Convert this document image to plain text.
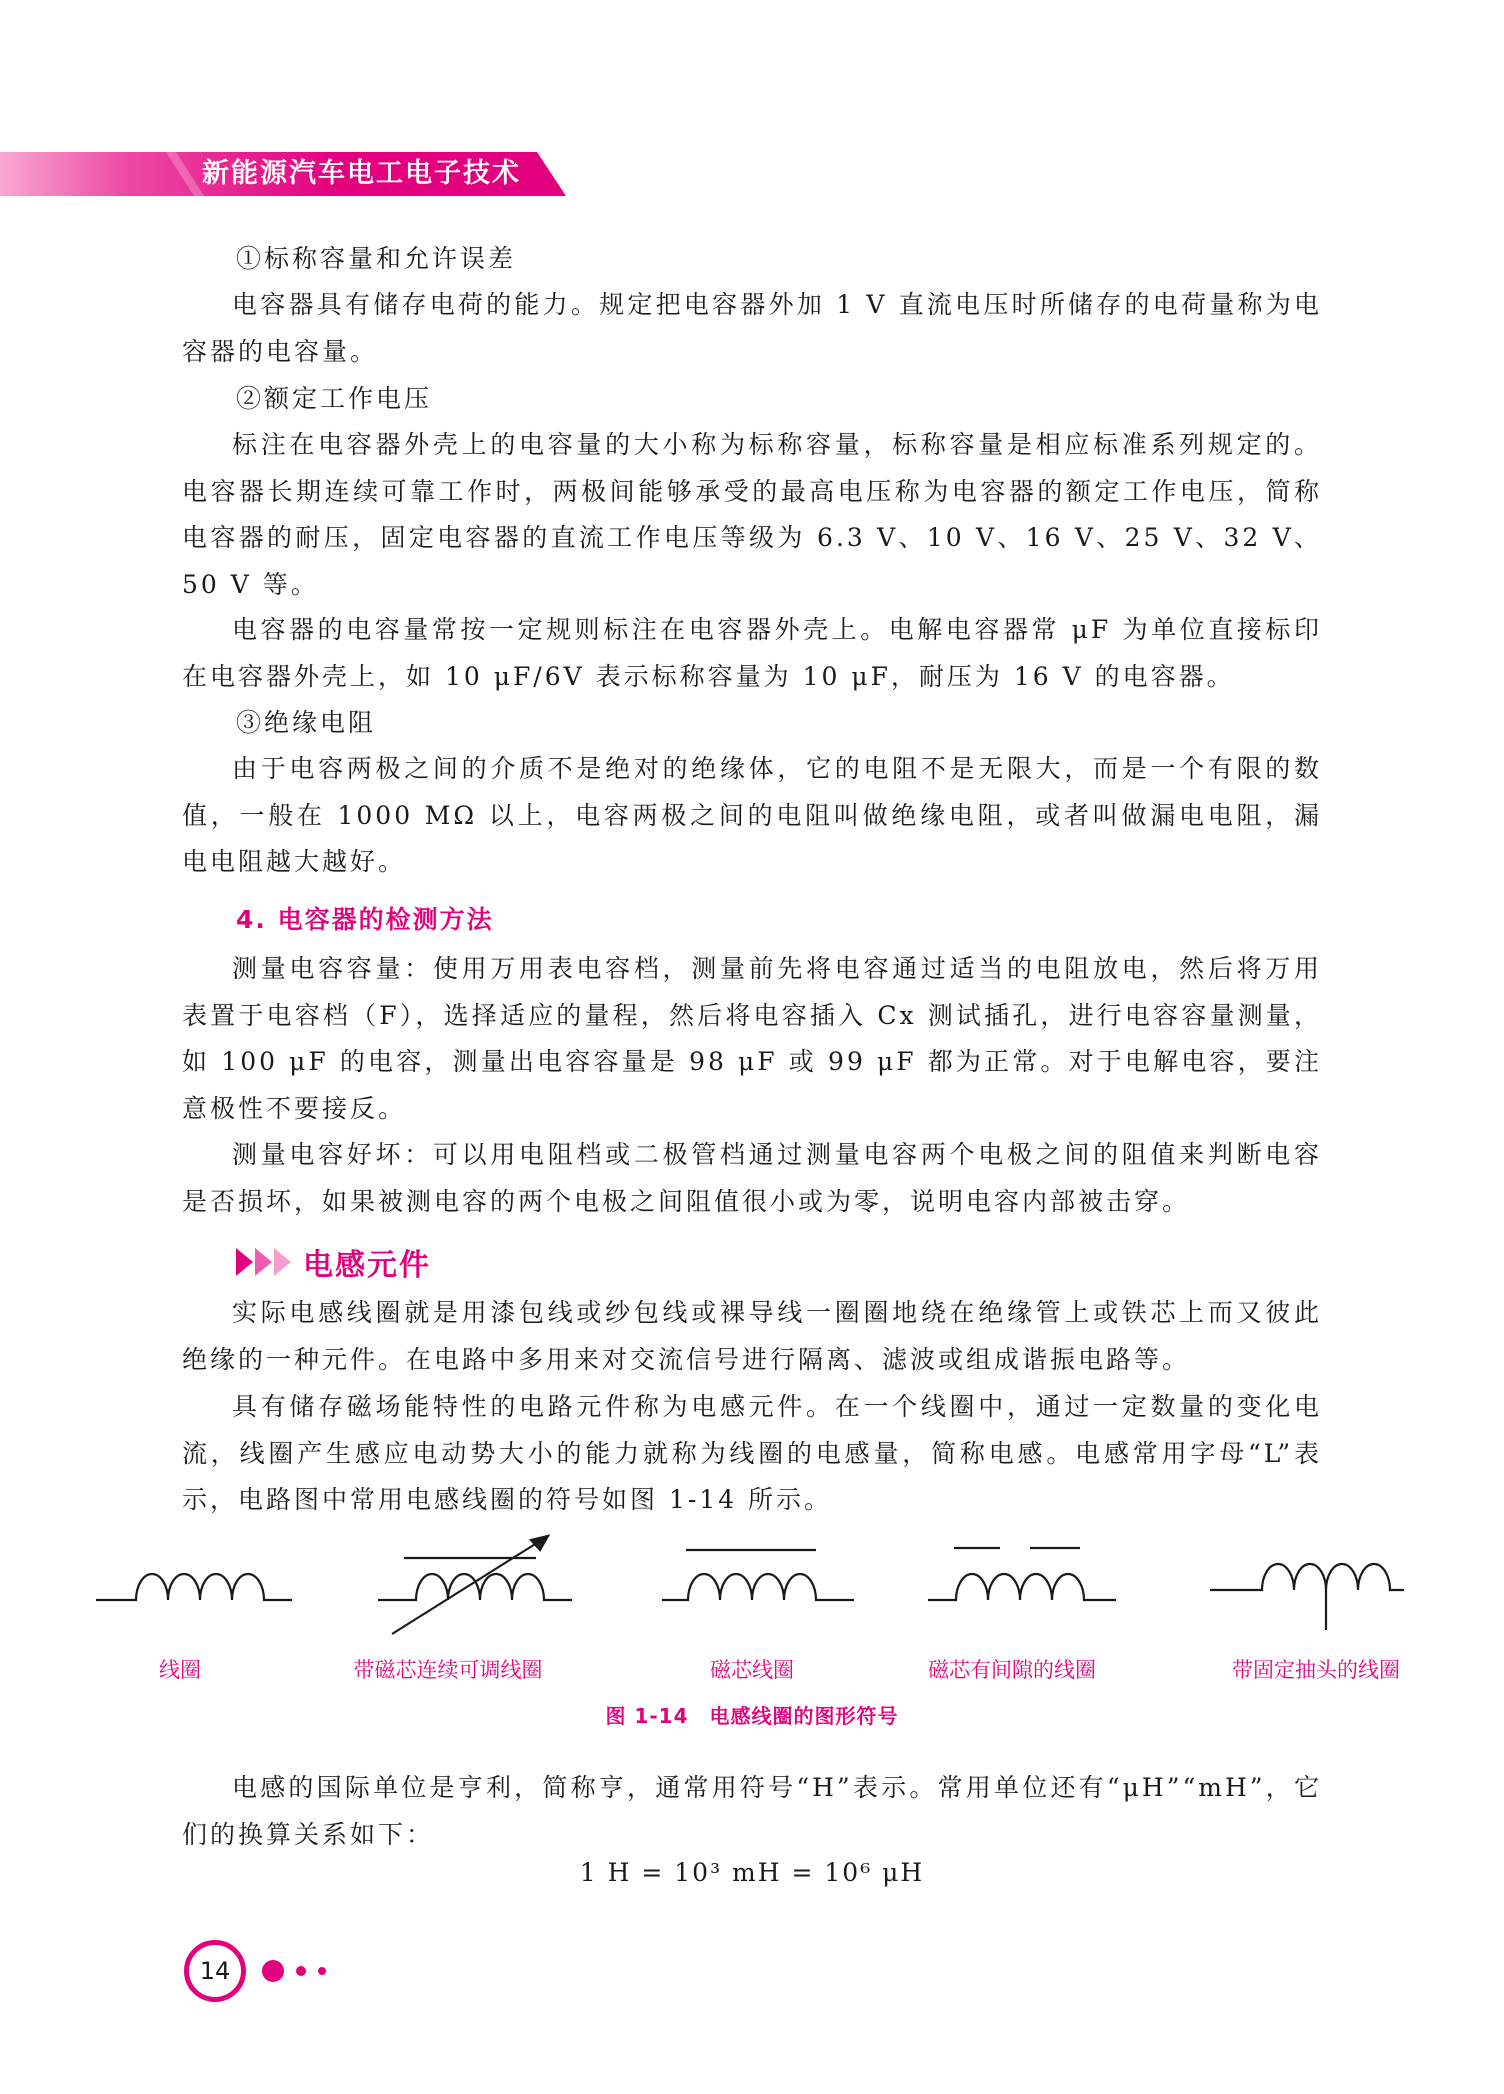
新能源汽车电工电子技术

①标称容量和允许误差

电容器具有储存电荷的能力。规定把电容器外加 1 V 直流电压时所储存的电荷量称为电容器的电容量。

②额定工作电压

标注在电容器外壳上的电容量的大小称为标称容量，标称容量是相应标准系列规定的。电容器长期连续可靠工作时，两极间能够承受的最高电压称为电容器的额定工作电压，简称电容器的耐压，固定电容器的直流工作电压等级为 6.3 V、10 V、16 V、25 V、32 V、50 V 等。

电容器的电容量常按一定规则标注在电容器外壳上。电解电容器常 μF 为单位直接标印在电容器外壳上，如 10 μF/6V 表示标称容量为 10 μF，耐压为 16 V 的电容器。

③绝缘电阻

由于电容两极之间的介质不是绝对的绝缘体，它的电阻不是无限大，而是一个有限的数值，一般在 1000 MΩ 以上，电容两极之间的电阻叫做绝缘电阻，或者叫做漏电电阻，漏电电阻越大越好。

4. 电容器的检测方法

测量电容容量：使用万用表电容档，测量前先将电容通过适当的电阻放电，然后将万用表置于电容档（F），选择适应的量程，然后将电容插入 Cx 测试插孔，进行电容容量测量，如 100 μF 的电容，测量出电容容量是 98 μF 或 99 μF 都为正常。对于电解电容，要注意极性不要接反。

测量电容好坏：可以用电阻档或二极管档通过测量电容两个电极之间的阻值来判断电容是否损坏，如果被测电容的两个电极之间阻值很小或为零，说明电容内部被击穿。

电感元件

实际电感线圈就是用漆包线或纱包线或裸导线一圈圈地绕在绝缘管上或铁芯上而又彼此绝缘的一种元件。在电路中多用来对交流信号进行隔离、滤波或组成谐振电路等。

具有储存磁场能特性的电路元件称为电感元件。在一个线圈中，通过一定数量的变化电流，线圈产生感应电动势大小的能力就称为线圈的电感量，简称电感。电感常用字母“L”表示，电路图中常用电感线圈的符号如图 1-14 所示。

线圈	带磁芯连续可调线圈	磁芯线圈	磁芯有间隙的线圈	带固定抽头的线圈
图 1-14　电感线圈的图形符号

电感的国际单位是亨利，简称亨，通常用符号“H”表示。常用单位还有“μH”“mH”，它们的换算关系如下：

1 H = 10³ mH = 10⁶ μH
14
